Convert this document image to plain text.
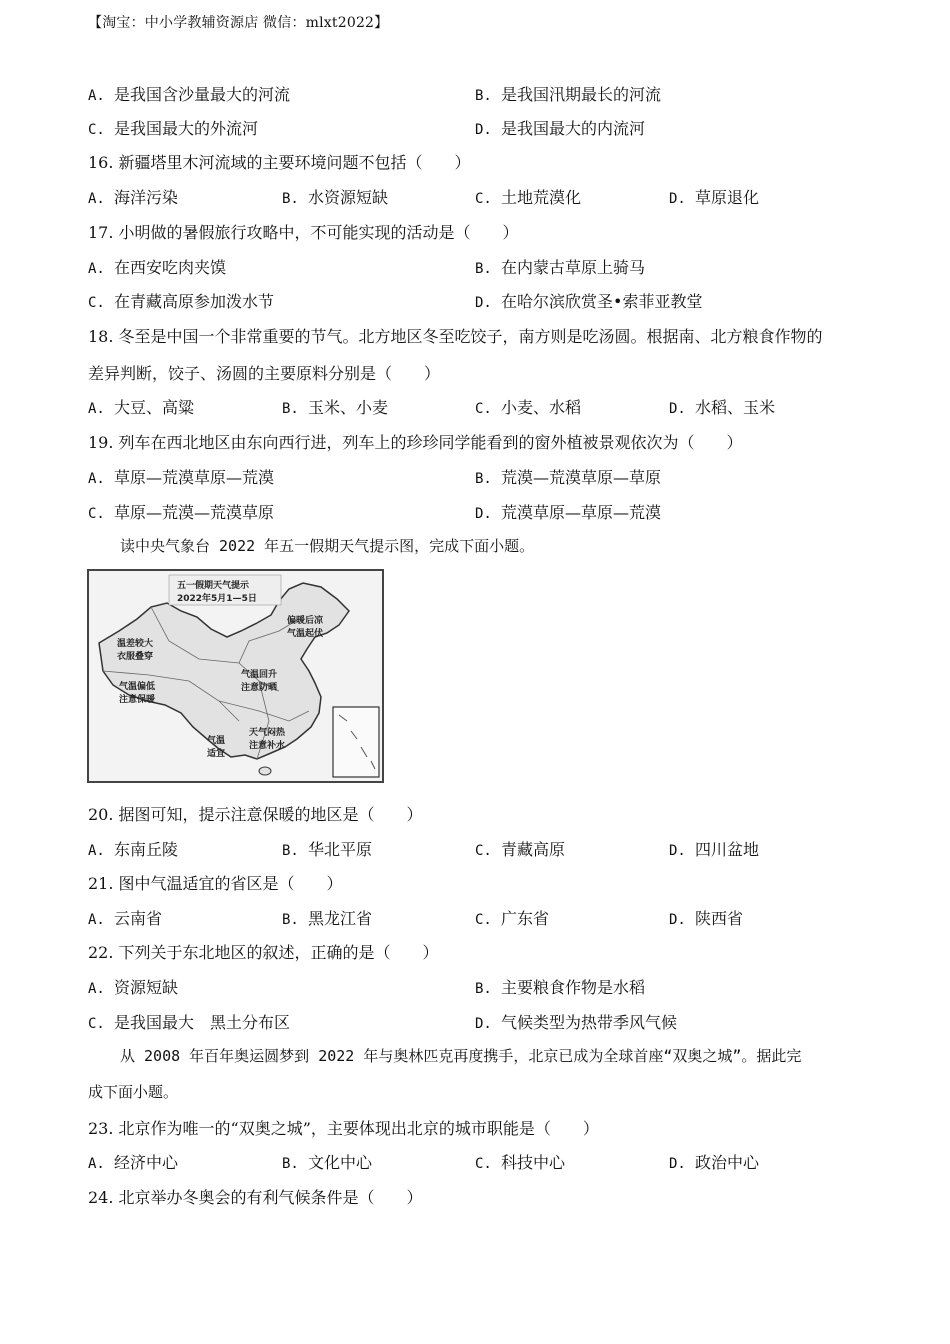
【淘宝：中小学教辅资源店 微信：mlxt2022】
A. 是我国含沙量最大的河流	B. 是我国汛期最长的河流
C. 是我国最大的外流河	D. 是我国最大的内流河
16. 新疆塔里木河流域的主要环境问题不包括（　　）
A. 海洋污染	B. 水资源短缺	C. 土地荒漠化	D. 草原退化
17. 小明做的暑假旅行攻略中，不可能实现的活动是（　　）
A. 在西安吃肉夹馍	B. 在内蒙古草原上骑马
C. 在青藏高原参加泼水节	D. 在哈尔滨欣赏圣•索菲亚教堂
18. 冬至是中国一个非常重要的节气。北方地区冬至吃饺子，南方则是吃汤圆。根据南、北方粮食作物的
差异判断，饺子、汤圆的主要原料分别是（　　）
A. 大豆、高粱	B. 玉米、小麦	C. 小麦、水稻	D. 水稻、玉米
19. 列车在西北地区由东向西行进，列车上的珍珍同学能看到的窗外植被景观依次为（　　）
A. 草原—荒漠草原—荒漠	B. 荒漠—荒漠草原—草原
C. 草原—荒漠—荒漠草原	D. 荒漠草原—草原—荒漠
读中央气象台 2022 年五一假期天气提示图，完成下面小题。
五一假期天气提示
2022年5月1—5日
温差较大
衣服叠穿
气温偏低
注意保暖
气温回升
注意防晒
偏暖后凉
气温起伏
气温
适宜
天气闷热
注意补水
20. 据图可知，提示注意保暖的地区是（　　）
A. 东南丘陵	B. 华北平原	C. 青藏高原	D. 四川盆地
21. 图中气温适宜的省区是（　　）
A. 云南省	B. 黑龙江省	C. 广东省	D. 陕西省
22. 下列关于东北地区的叙述，正确的是（　　）
A. 资源短缺	B. 主要粮食作物是水稻
C. 是我国最大　黑土分布区	D. 气候类型为热带季风气候
从 2008 年百年奥运圆梦到 2022 年与奥林匹克再度携手，北京已成为全球首座“双奥之城”。据此完
成下面小题。
23. 北京作为唯一的“双奥之城”，主要体现出北京的城市职能是（　　）
A. 经济中心	B. 文化中心	C. 科技中心	D. 政治中心
24. 北京举办冬奥会的有利气候条件是（　　）
